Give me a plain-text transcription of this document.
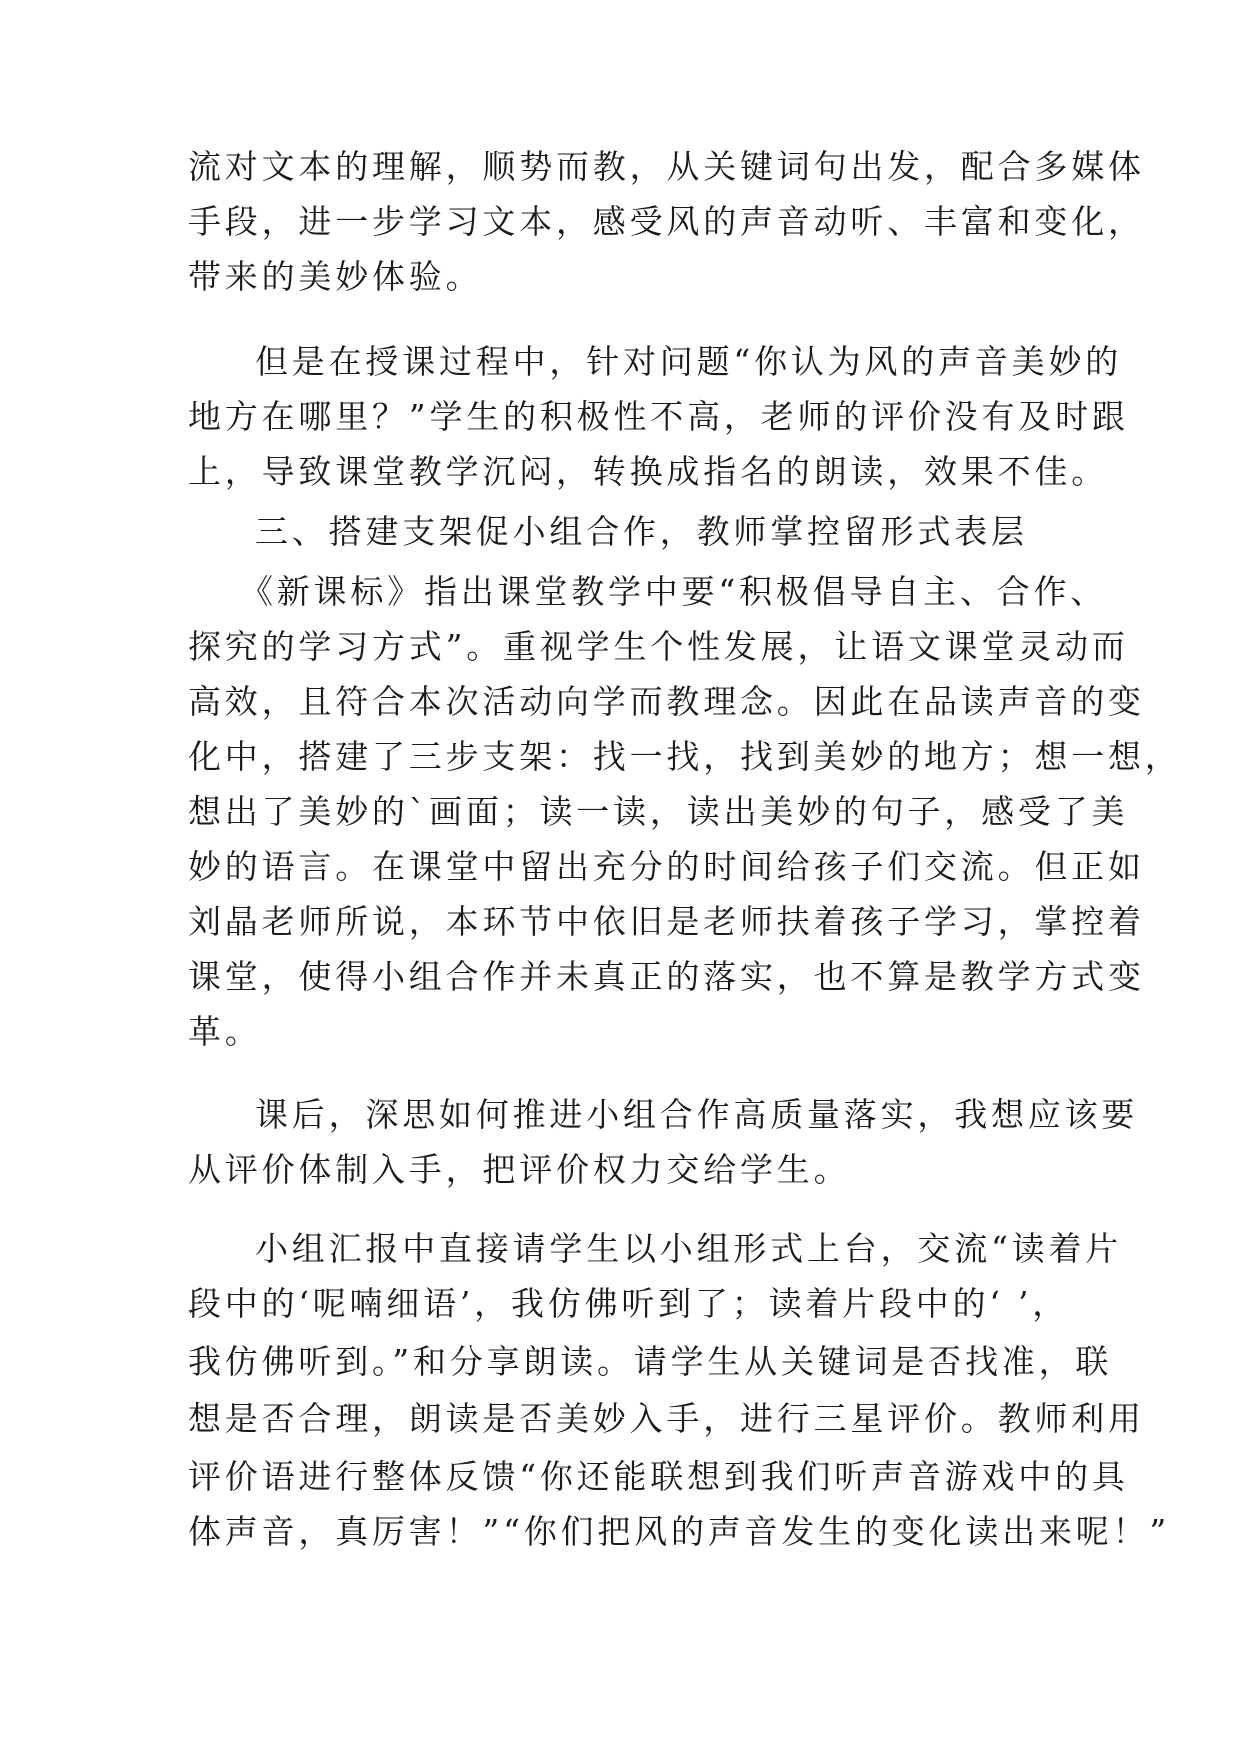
流对文本的理解，顺势而教，从关键词句出发，配合多媒体

手段，进一步学习文本，感受风的声音动听、丰富和变化，

带来的美妙体验。

但是在授课过程中，针对问题“你认为风的声音美妙的

地方在哪里？”学生的积极性不高，老师的评价没有及时跟

上，导致课堂教学沉闷，转换成指名的朗读，效果不佳。

三、搭建支架促小组合作，教师掌控留形式表层

《新课标》指出课堂教学中要“积极倡导自主、合作、

探究的学习方式”。重视学生个性发展，让语文课堂灵动而

高效，且符合本次活动向学而教理念。因此在品读声音的变

化中，搭建了三步支架：找一找，找到美妙的地方；想一想，

想出了美妙的`画面；读一读，读出美妙的句子，感受了美

妙的语言。在课堂中留出充分的时间给孩子们交流。但正如

刘晶老师所说，本环节中依旧是老师扶着孩子学习，掌控着

课堂，使得小组合作并未真正的落实，也不算是教学方式变

革。

课后，深思如何推进小组合作高质量落实，我想应该要

从评价体制入手，把评价权力交给学生。

小组汇报中直接请学生以小组形式上台，交流“读着片

段中的‘呢喃细语’，我仿佛听到了；读着片段中的‘ ’，

我仿佛听到。”和分享朗读。请学生从关键词是否找准，联

想是否合理，朗读是否美妙入手，进行三星评价。教师利用

评价语进行整体反馈“你还能联想到我们听声音游戏中的具

体声音，真厉害！”“你们把风的声音发生的变化读出来呢！”
